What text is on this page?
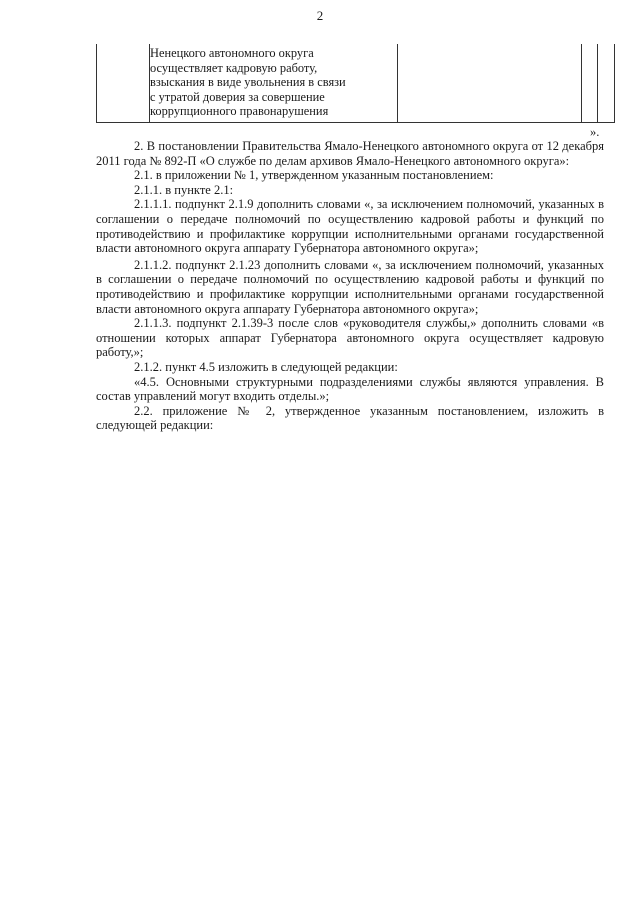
2
Ненецкого автономного округа
осуществляет кадровую работу,
взыскания в виде увольнения в связи
с утратой доверия за совершение
коррупционного правонарушения
».

2. В постановлении Правительства Ямало-Ненецкого автономного округа от 12 декабря 2011 года № 892-П «О службе по делам архивов Ямало-Ненецкого автономного округа»:

2.1. в приложении № 1, утвержденном указанным постановлением:

2.1.1. в пункте 2.1:

2.1.1.1. подпункт 2.1.9 дополнить словами «, за исключением полномочий, указанных в соглашении о передаче полномочий по осуществлению кадровой работы и функций по противодействию и профилактике коррупции исполнительными органами государственной власти автономного округа аппарату Губернатора автономного округа»;

2.1.1.2. подпункт 2.1.23 дополнить словами «, за исключением полномочий, указанных в соглашении о передаче полномочий по осуществлению кадровой работы и функций по противодействию и профилактике коррупции исполнительными органами государственной власти автономного округа аппарату Губернатора автономного округа»;

2.1.1.3. подпункт 2.1.39-3 после слов «руководителя службы,» дополнить словами «в отношении которых аппарат Губернатора автономного округа осуществляет кадровую работу,»;

2.1.2. пункт 4.5 изложить в следующей редакции:

«4.5. Основными структурными подразделениями службы являются управления. В состав управлений могут входить отделы.»;

2.2. приложение № 2, утвержденное указанным постановлением, изложить в следующей редакции:
